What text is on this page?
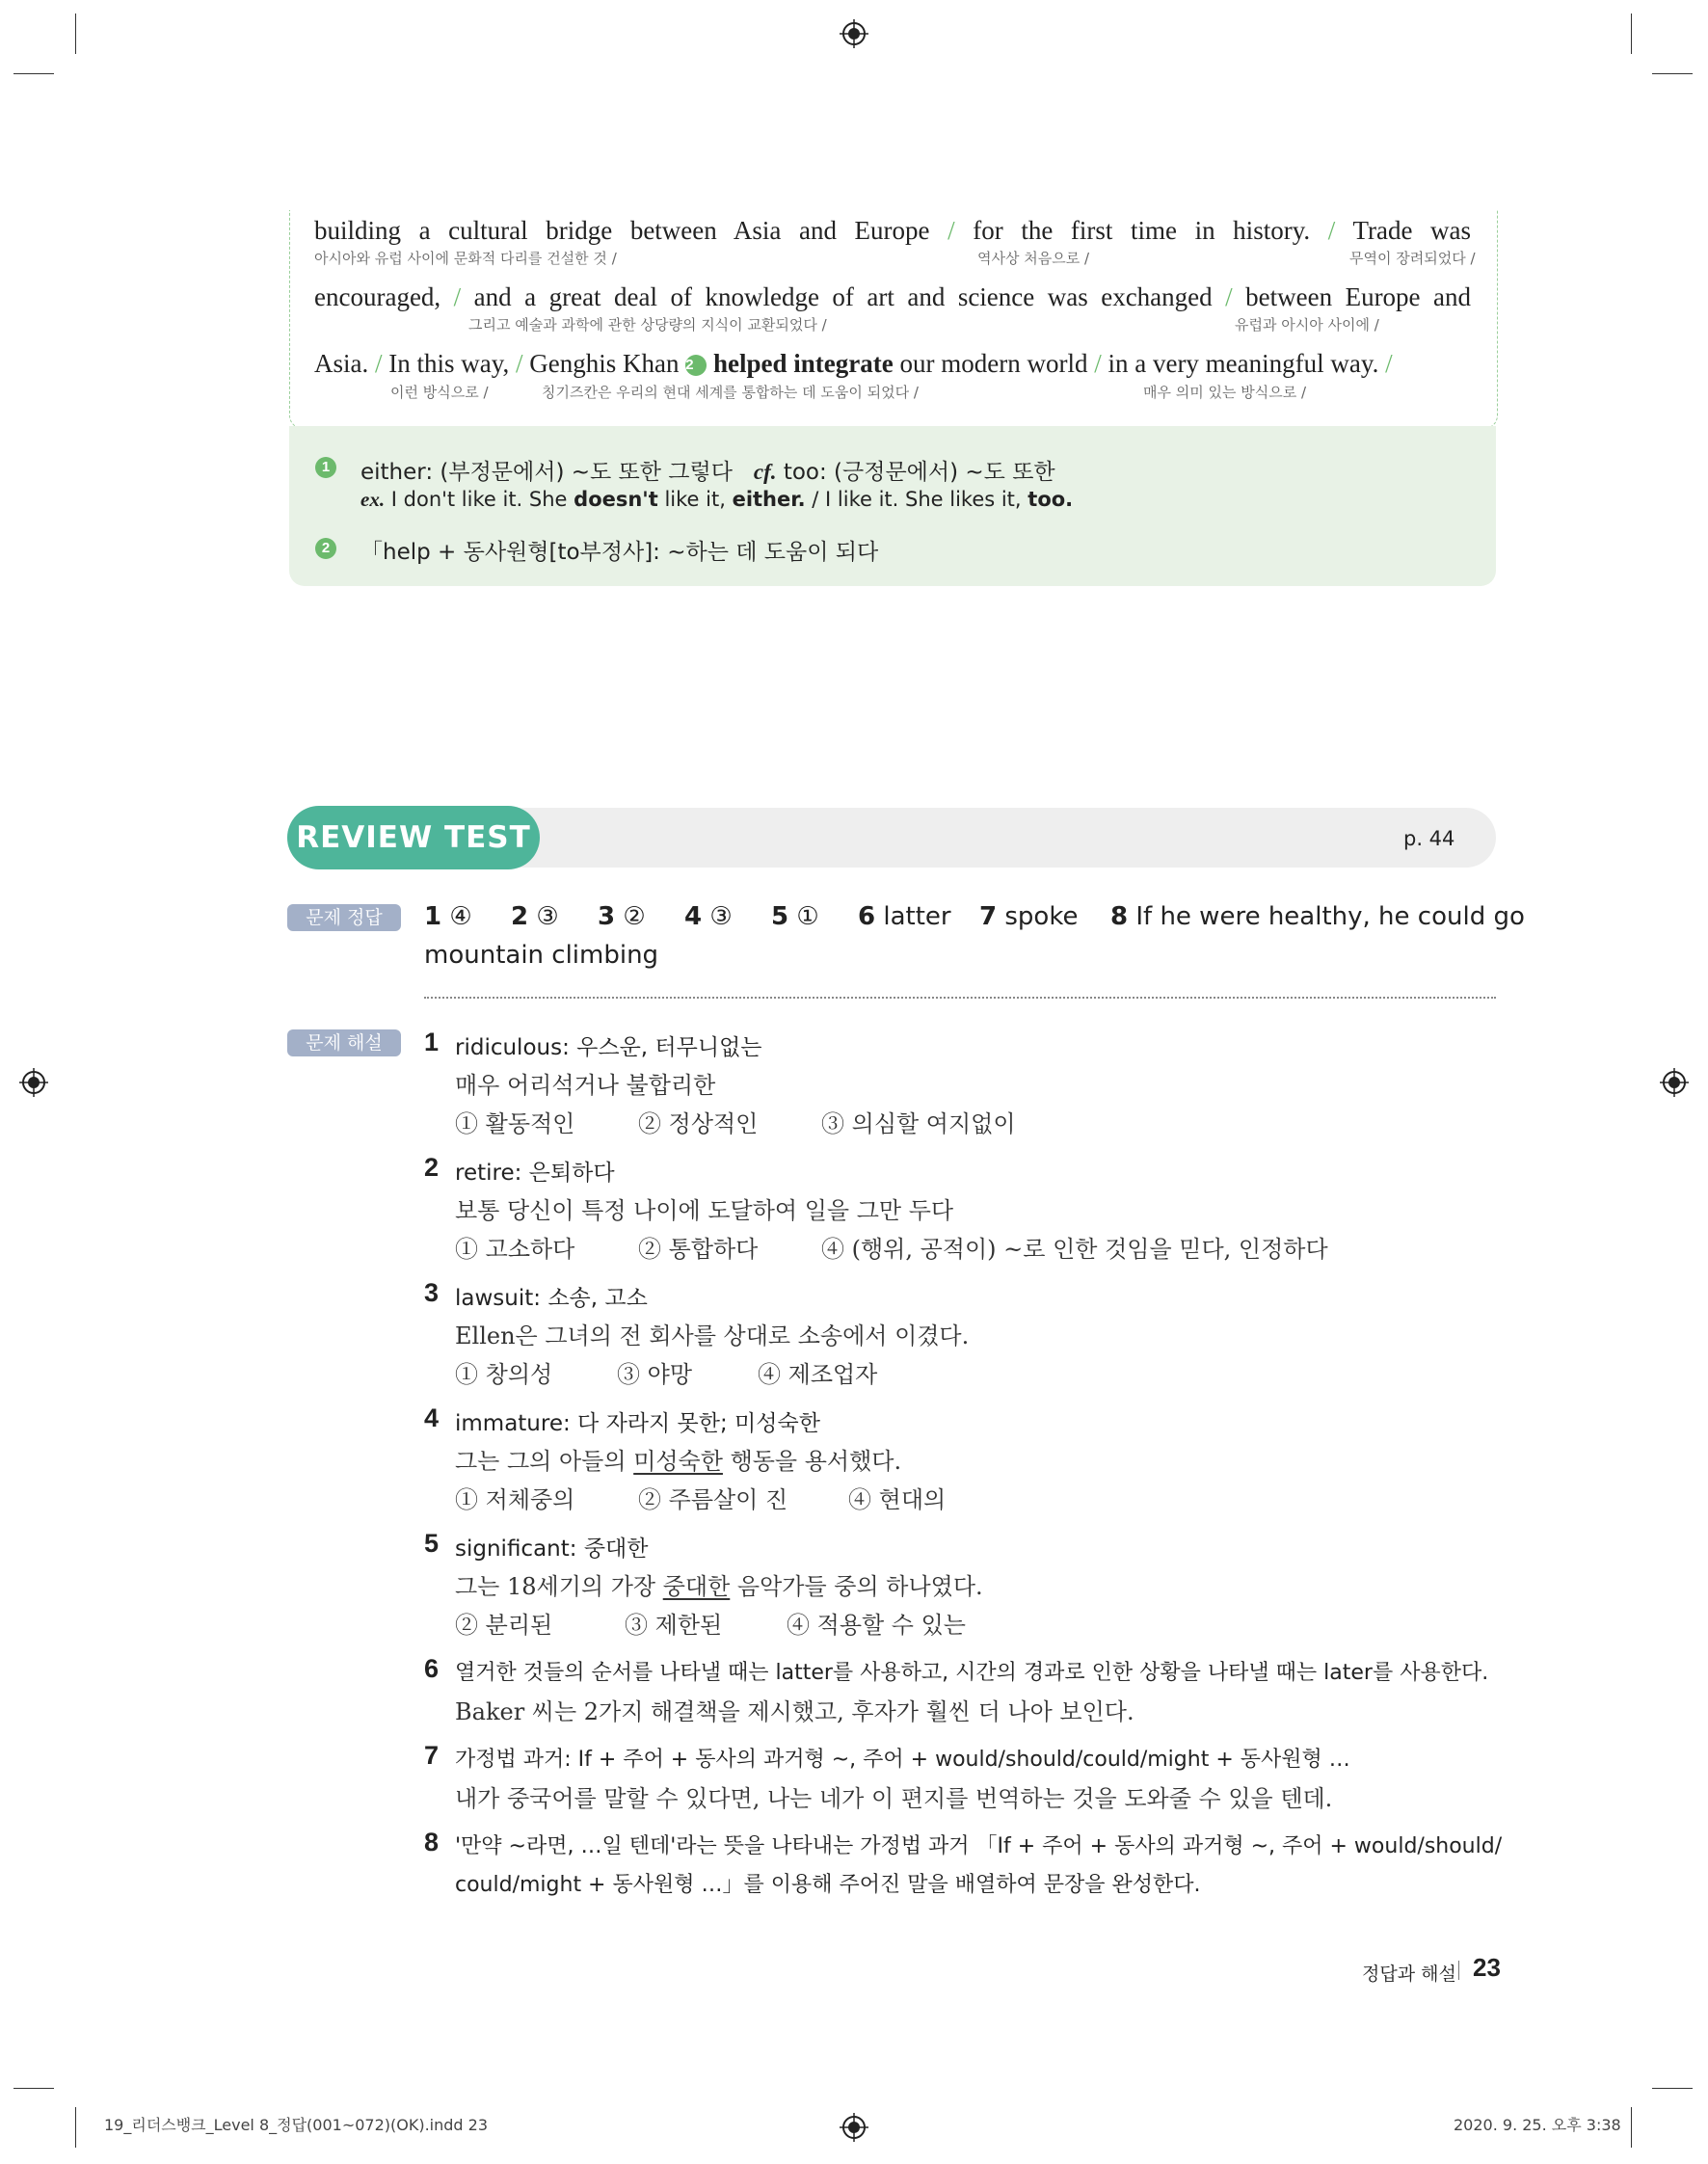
building a cultural bridge between Asia and Europe / for the first time in history. / Trade was
아시아와 유럽 사이에 문화적 다리를 건설한 것 /	역사상 처음으로 /	무역이 장려되었다 /
encouraged, / and a great deal of knowledge of art and science was exchanged / between Europe and
그리고 예술과 과학에 관한 상당량의 지식이 교환되었다 /	유럽과 아시아 사이에 /
Asia. / In this way, / Genghis Khan 2 helped integrate our modern world / in a very meaningful way. /
이런 방식으로 /	칭기즈칸은 우리의 현대 세계를 통합하는 데 도움이 되었다 /	매우 의미 있는 방식으로 /
1 either: (부정문에서) ~도 또한 그렇다 cf. too: (긍정문에서) ~도 또한
ex. I don't like it. She doesn't like it, either. / I like it. She likes it, too.
2 「help + 동사원형[to부정사]: ~하는 데 도움이 되다
REVIEW TEST	p. 44
문제 정답	1 ④ 2 ③ 3 ② 4 ③ 5 ① 6 latter 7 spoke 8 If he were healthy, he could go
mountain climbing
문제 해설	1 ridiculous: 우스운, 터무니없는
매우 어리석거나 불합리한
① 활동적인	② 정상적인	③ 의심할 여지없이
2 retire: 은퇴하다
보통 당신이 특정 나이에 도달하여 일을 그만 두다
① 고소하다	② 통합하다	④ (행위, 공적이) ~로 인한 것임을 믿다, 인정하다
3 lawsuit: 소송, 고소
Ellen은 그녀의 전 회사를 상대로 소송에서 이겼다.
① 창의성	③ 야망	④ 제조업자
4 immature: 다 자라지 못한; 미성숙한
그는 그의 아들의 미성숙한 행동을 용서했다.
① 저체중의	② 주름살이 진	④ 현대의
5 significant: 중대한
그는 18세기의 가장 중대한 음악가들 중의 하나였다.
② 분리된	③ 제한된	④ 적용할 수 있는
6 열거한 것들의 순서를 나타낼 때는 latter를 사용하고, 시간의 경과로 인한 상황을 나타낼 때는 later를 사용한다.
Baker 씨는 2가지 해결책을 제시했고, 후자가 훨씬 더 나아 보인다.
7 가정법 과거: If + 주어 + 동사의 과거형 ~, 주어 + would/should/could/might + 동사원형 …
내가 중국어를 말할 수 있다면, 나는 네가 이 편지를 번역하는 것을 도와줄 수 있을 텐데.
8 '만약 ~라면, …일 텐데'라는 뜻을 나타내는 가정법 과거 「If + 주어 + 동사의 과거형 ~, 주어 + would/should/
could/might + 동사원형 …」를 이용해 주어진 말을 배열하여 문장을 완성한다.
정답과 해설 23
19_리더스뱅크_Level 8_정답(001~072)(OK).indd 23	2020. 9. 25. 오후 3:38
